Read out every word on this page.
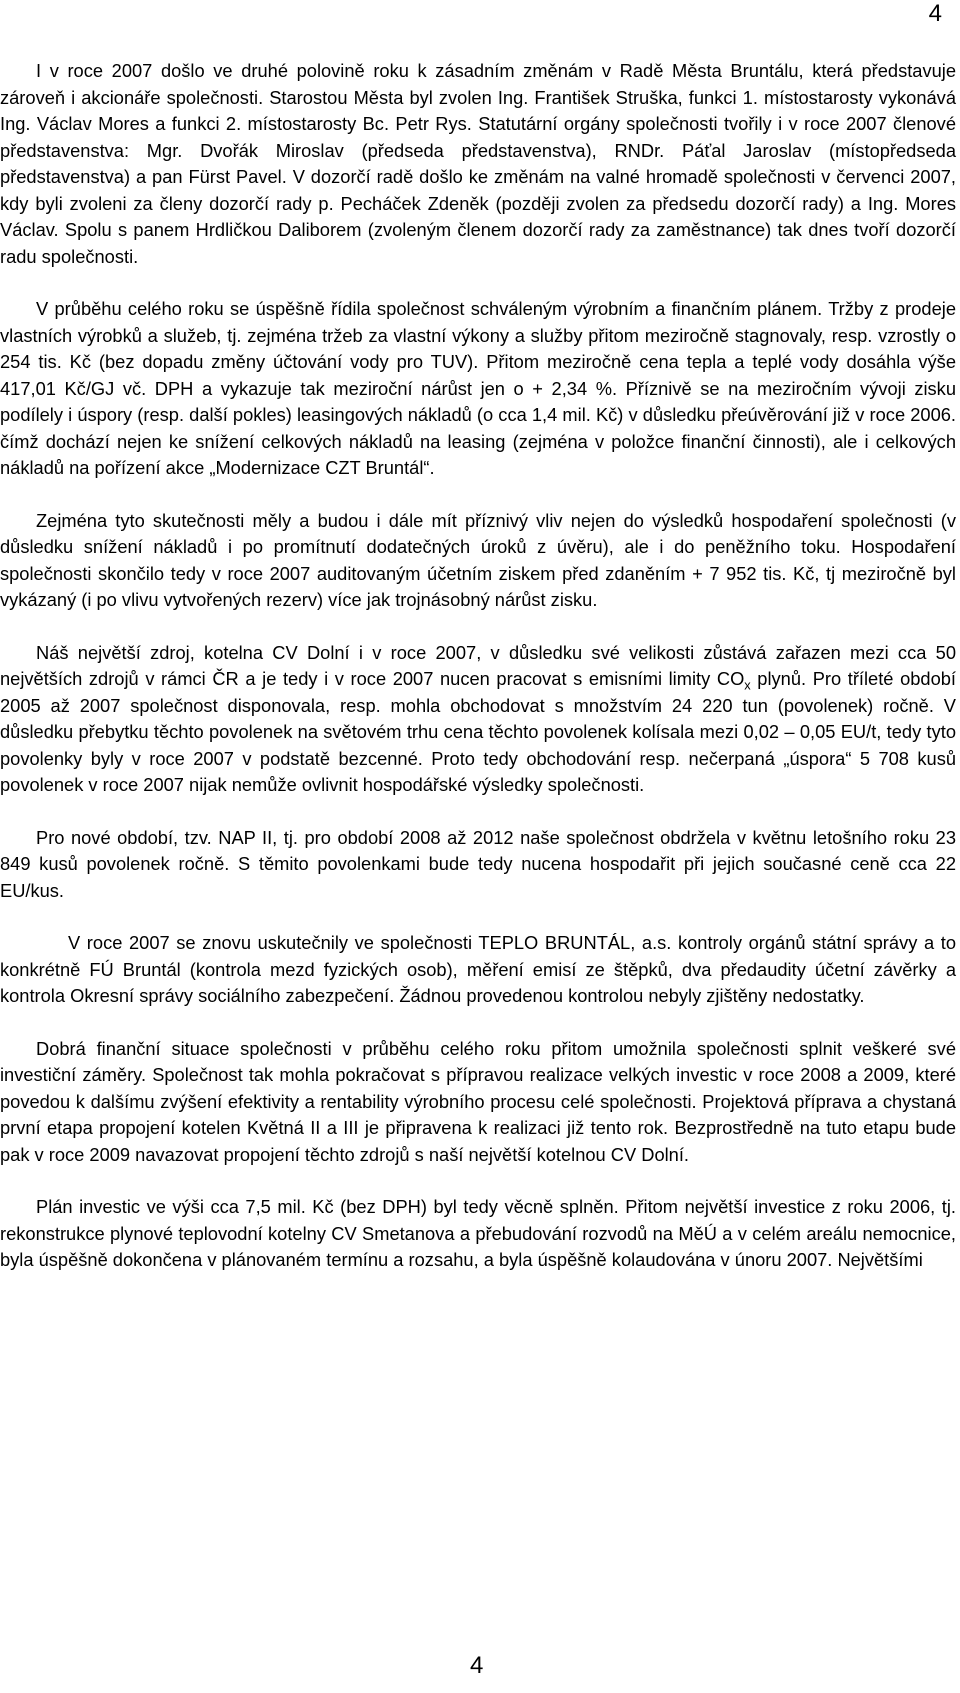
4

I v roce 2007 došlo ve druhé polovině roku k zásadním změnám v Radě Města Bruntálu, která představuje zároveň i akcionáře společnosti. Starostou Města byl zvolen Ing. František Struška, funkci 1. místostarosty vykonává Ing. Václav Mores a funkci 2. místostarosty Bc. Petr Rys. Statutární orgány společnosti tvořily i v roce 2007 členové představenstva: Mgr. Dvořák Miroslav (předseda představenstva), RNDr. Páťal Jaroslav (místopředseda představenstva) a pan Fürst Pavel. V dozorčí radě došlo ke změnám na valné hromadě společnosti v červenci 2007, kdy byli zvoleni za členy dozorčí rady p. Pecháček Zdeněk (později zvolen za předsedu dozorčí rady) a Ing. Mores Václav. Spolu s panem Hrdličkou Daliborem (zvoleným členem dozorčí rady za zaměstnance) tak dnes tvoří dozorčí radu společnosti.

V průběhu celého roku se úspěšně řídila společnost schváleným výrobním a finančním plánem. Tržby z prodeje vlastních výrobků a služeb, tj. zejména tržeb za vlastní výkony a služby přitom meziročně stagnovaly, resp. vzrostly o 254 tis. Kč (bez dopadu změny účtování vody pro TUV). Přitom meziročně cena tepla a teplé vody dosáhla výše 417,01 Kč/GJ vč. DPH a vykazuje tak meziroční nárůst jen o + 2,34 %. Příznivě se na meziročním vývoji zisku podílely i úspory (resp. další pokles) leasingových nákladů (o cca 1,4 mil. Kč) v důsledku přeúvěrování již v roce 2006. čímž dochází nejen ke snížení celkových nákladů na leasing (zejména v položce finanční činnosti), ale i celkových nákladů na pořízení akce „Modernizace CZT Bruntál“.

Zejména tyto skutečnosti měly a budou i dále mít příznivý vliv nejen do výsledků hospodaření společnosti (v důsledku snížení nákladů i po promítnutí dodatečných úroků z úvěru), ale i do peněžního toku. Hospodaření společnosti skončilo tedy v roce 2007 auditovaným účetním ziskem před zdaněním + 7 952 tis. Kč, tj meziročně byl vykázaný (i po vlivu vytvořených rezerv) více jak trojnásobný nárůst zisku.

Náš největší zdroj, kotelna CV Dolní i v roce 2007, v důsledku své velikosti zůstává zařazen mezi cca 50 největších zdrojů v rámci ČR a je tedy i v roce 2007 nucen pracovat s emisními limity $CO_x$ plynů. Pro tříleté období 2005 až 2007 společnost disponovala, resp. mohla obchodovat s množstvím 24 220 tun (povolenek) ročně. V důsledku přebytku těchto povolenek na světovém trhu cena těchto povolenek kolísala mezi 0,02 – 0,05 EU/t, tedy tyto povolenky byly v roce 2007 v podstatě bezcenné. Proto tedy obchodování resp. nečerpaná „úspora“ 5 708 kusů povolenek v roce 2007 nijak nemůže ovlivnit hospodářské výsledky společnosti.

Pro nové období, tzv. NAP II, tj. pro období 2008 až 2012 naše společnost obdržela v květnu letošního roku 23 849 kusů povolenek ročně. S těmito povolenkami bude tedy nucena hospodařit při jejich současné ceně cca 22 EU/kus.

V roce 2007 se znovu uskutečnily ve společnosti TEPLO BRUNTÁL, a.s. kontroly orgánů státní správy a to konkrétně FÚ Bruntál (kontrola mezd fyzických osob), měření emisí ze štěpků, dva předaudity účetní závěrky a kontrola Okresní správy sociálního zabezpečení. Žádnou provedenou kontrolou nebyly zjištěny nedostatky.

Dobrá finanční situace společnosti v průběhu celého roku přitom umožnila společnosti splnit veškeré své investiční záměry. Společnost tak mohla pokračovat s přípravou realizace velkých investic v roce 2008 a 2009, které povedou k dalšímu zvýšení efektivity a rentability výrobního procesu celé společnosti. Projektová příprava a chystaná první etapa propojení kotelen Květná II a III je připravena k realizaci již tento rok. Bezprostředně na tuto etapu bude pak v roce 2009 navazovat propojení těchto zdrojů s naší největší kotelnou CV Dolní.

Plán investic ve výši cca 7,5 mil. Kč (bez DPH) byl tedy věcně splněn. Přitom největší investice z roku 2006, tj. rekonstrukce plynové teplovodní kotelny CV Smetanova a přebudování rozvodů na MěÚ a v celém areálu nemocnice, byla úspěšně dokončena v plánovaném termínu a rozsahu, a byla úspěšně kolaudována v únoru 2007. Největšími

4
